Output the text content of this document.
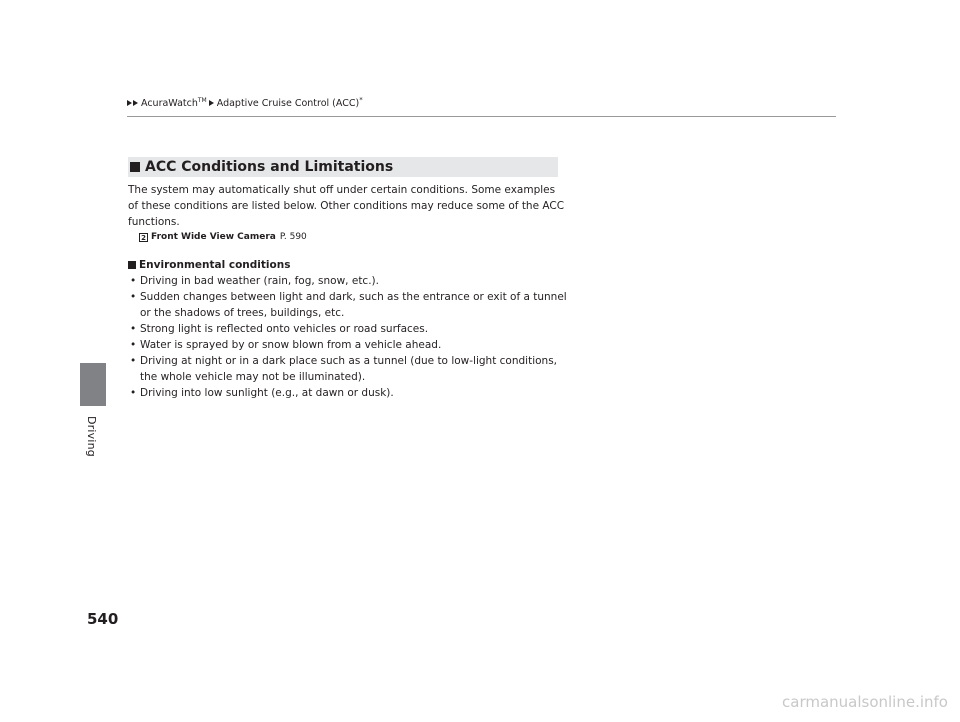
Driving
AcuraWatch™ Adaptive Cruise Control (ACC)*
ACC Conditions and Limitations

The system may automatically shut off under certain conditions. Some examples of these conditions are listed below. Other conditions may reduce some of the ACC functions.

2 Front Wide View Camera P. 590
Environmental conditions
• Driving in bad weather (rain, fog, snow, etc.).
• Sudden changes between light and dark, such as the entrance or exit of a tunnel or the shadows of trees, buildings, etc.
• Strong light is reflected onto vehicles or road surfaces.
• Water is sprayed by or snow blown from a vehicle ahead.
• Driving at night or in a dark place such as a tunnel (due to low-light conditions, the whole vehicle may not be illuminated).
• Driving into low sunlight (e.g., at dawn or dusk).
540
carmanualsonline.info
